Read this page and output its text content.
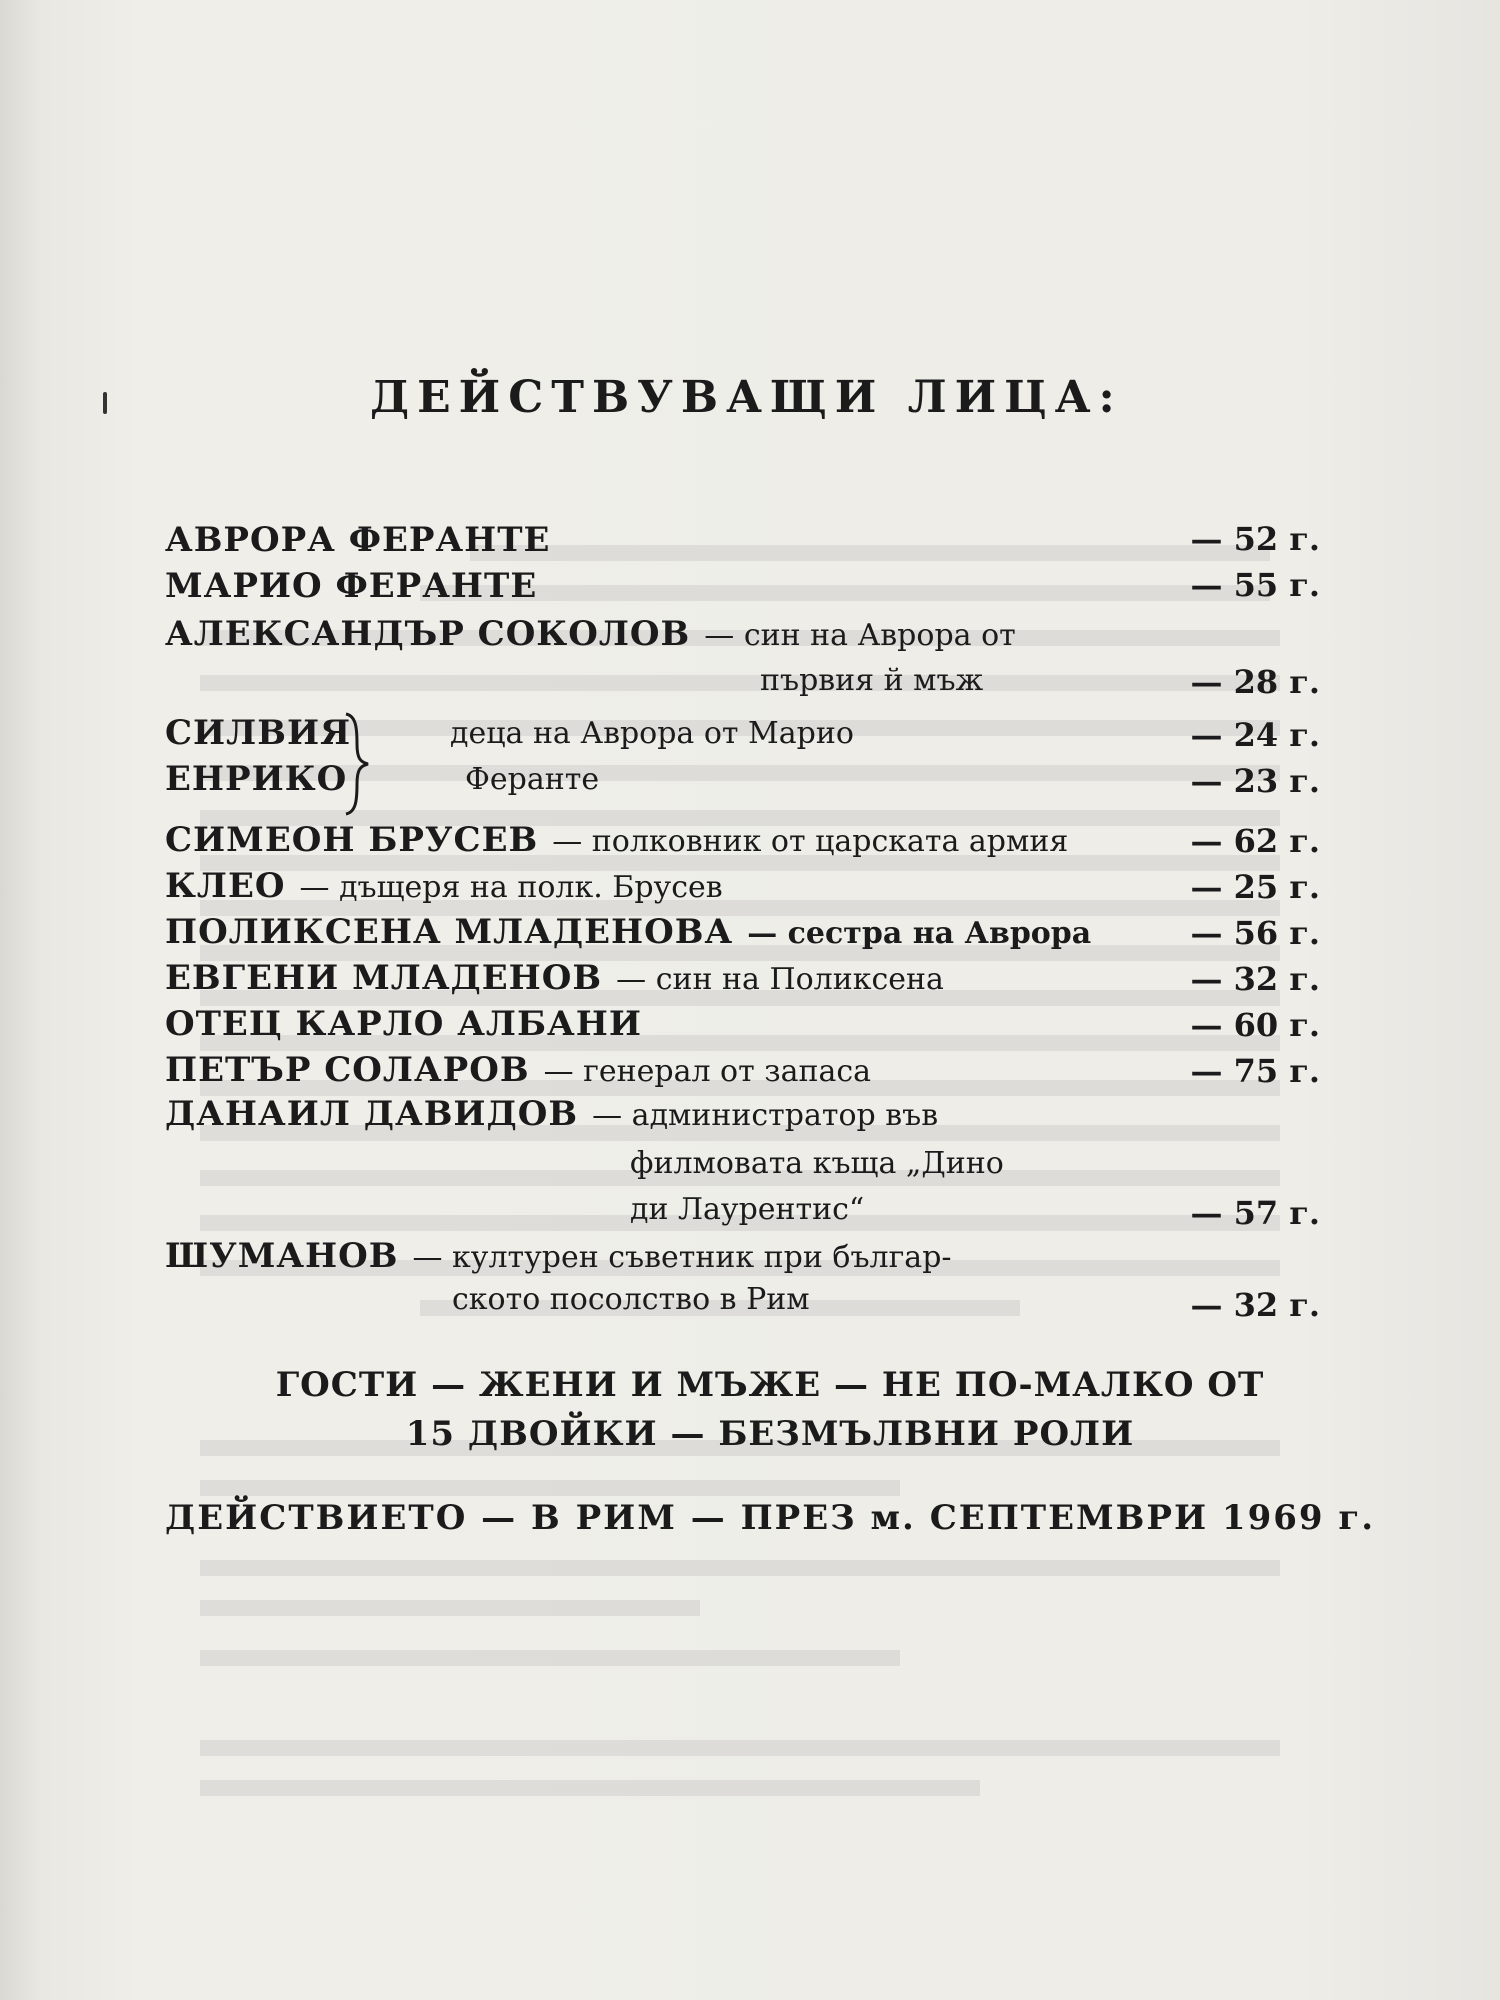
ДЕЙСТВУВАЩИ ЛИЦА:
АВРОРА ФЕРАНТЕ	— 52 г.
МАРИО ФЕРАНТЕ	— 55 г.
АЛЕКСАНДЪР СОКОЛОВ — син на Аврора от
първия й мъж	— 28 г.
СИЛВИЯ	деца на Аврора от Марио	— 24 г.
ЕНРИКО	Феранте	— 23 г.
СИМЕОН БРУСЕВ — полковник от царската армия	— 62 г.
КЛЕО — дъщеря на полк. Брусев	— 25 г.
ПОЛИКСЕНА МЛАДЕНОВА — сестра на Аврора	— 56 г.
ЕВГЕНИ МЛАДЕНОВ — син на Поликсена	— 32 г.
ОТЕЦ КАРЛО АЛБАНИ	— 60 г.
ПЕТЪР СОЛАРОВ — генерал от запаса	— 75 г.
ДАНАИЛ ДАВИДОВ — администратор във
филмовата къща „Дино
ди Лаурентис“	— 57 г.
ШУМАНОВ — културен съветник при българ-
ското посолство в Рим	— 32 г.
ГОСТИ — ЖЕНИ И МЪЖЕ — НЕ ПО-МАЛКО ОТ
15 ДВОЙКИ — БЕЗМЪЛВНИ РОЛИ
ДЕЙСТВИЕТО — В РИМ — ПРЕЗ м. СЕПТЕМВРИ 1969 г.
